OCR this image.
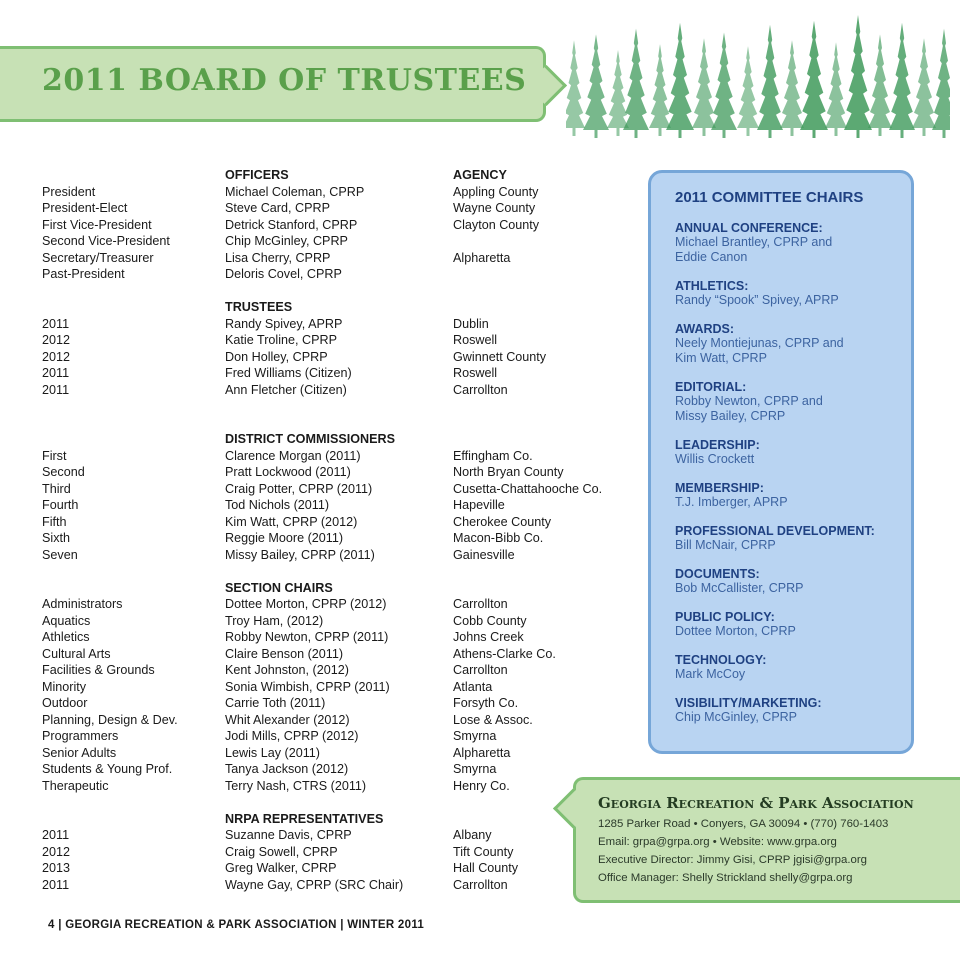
2011 BOARD OF TRUSTEES
President
President-Elect
First Vice-President
Second Vice-President
Secretary/Treasurer
Past-President
2011
2012
2012
2011
2011
First
Second
Third
Fourth
Fifth
Sixth
Seven
Administrators
Aquatics
Athletics
Cultural Arts
Facilities & Grounds
Minority
Outdoor
Planning, Design & Dev.
Programmers
Senior Adults
Students & Young Prof.
Therapeutic
2011
2012
2013
2011
OFFICERS
Michael Coleman, CPRP
Steve Card, CPRP
Detrick Stanford, CPRP
Chip McGinley, CPRP
Lisa Cherry, CPRP
Deloris Covel, CPRP
TRUSTEES
Randy Spivey, APRP
Katie Troline, CPRP
Don Holley, CPRP
Fred Williams (Citizen)
Ann Fletcher (Citizen)
DISTRICT COMMISSIONERS
Clarence Morgan (2011)
Pratt Lockwood (2011)
Craig Potter, CPRP (2011)
Tod Nichols (2011)
Kim Watt, CPRP (2012)
Reggie Moore (2011)
Missy Bailey, CPRP (2011)
SECTION CHAIRS
Dottee Morton, CPRP (2012)
Troy Ham, (2012)
Robby Newton, CPRP (2011)
Claire Benson (2011)
Kent Johnston, (2012)
Sonia Wimbish, CPRP (2011)
Carrie Toth (2011)
Whit Alexander (2012)
Jodi Mills, CPRP (2012)
Lewis Lay (2011)
Tanya Jackson (2012)
Terry Nash, CTRS (2011)
NRPA REPRESENTATIVES
Suzanne Davis, CPRP
Craig Sowell, CPRP
Greg Walker, CPRP
Wayne Gay, CPRP (SRC Chair)
AGENCY
Appling County
Wayne County
Clayton County
Alpharetta
Dublin
Roswell
Gwinnett County
Roswell
Carrollton
Effingham Co.
North Bryan County
Cusetta-Chattahooche Co.
Hapeville
Cherokee County
Macon-Bibb Co.
Gainesville
Carrollton
Cobb County
Johns Creek
Athens-Clarke Co.
Carrollton
Atlanta
Forsyth Co.
Lose & Assoc.
Smyrna
Alpharetta
Smyrna
Henry Co.
Albany
Tift County
Hall County
Carrollton
2011 COMMITTEE CHAIRS
ANNUAL CONFERENCE:
Michael Brantley, CPRP and
Eddie Canon
ATHLETICS:
Randy “Spook” Spivey, APRP
AWARDS:
Neely Montiejunas, CPRP and
Kim Watt, CPRP
EDITORIAL:
Robby Newton, CPRP and
Missy Bailey, CPRP
LEADERSHIP:
Willis Crockett
MEMBERSHIP:
T.J. Imberger, APRP
PROFESSIONAL DEVELOPMENT:
Bill McNair, CPRP
DOCUMENTS:
Bob McCallister, CPRP
PUBLIC POLICY:
Dottee Morton, CPRP
TECHNOLOGY:
Mark McCoy
VISIBILITY/MARKETING:
Chip McGinley, CPRP
Georgia Recreation & Park Association
1285 Parker Road • Conyers, GA 30094 • (770) 760-1403
Email: grpa@grpa.org • Website: www.grpa.org
Executive Director: Jimmy Gisi, CPRP jgisi@grpa.org
Office Manager: Shelly Strickland shelly@grpa.org
4 | GEORGIA RECREATION & PARK ASSOCIATION | WINTER 2011
